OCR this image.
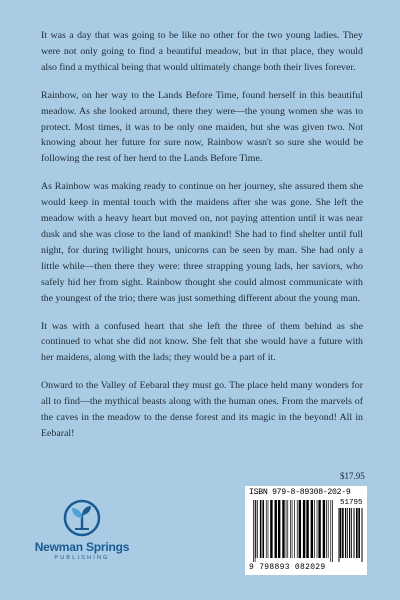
It was a day that was going to be like no other for the two young ladies. They were not only going to find a beautiful meadow, but in that place, they would also find a mythical being that would ultimately change both their lives forever.

Rainbow, on her way to the Lands Before Time, found herself in this beautiful meadow. As she looked around, there they were—the young women she was to protect. Most times, it was to be only one maiden, but she was given two. Not knowing about her future for sure now, Rainbow wasn't so sure she would be following the rest of her herd to the Lands Before Time.

As Rainbow was making ready to continue on her journey, she assured them she would keep in mental touch with the maidens after she was gone. She left the meadow with a heavy heart but moved on, not paying attention until it was near dusk and she was close to the land of mankind! She had to find shelter until full night, for during twilight hours, unicorns can be seen by man. She had only a little while—then there they were: three strapping young lads, her saviors, who safely hid her from sight. Rainbow thought she could almost communicate with the youngest of the trio; there was just something different about the young man.

It was with a confused heart that she left the three of them behind as she continued to what she did not know. She felt that she would have a future with her maidens, along with the lads; they would be a part of it.

Onward to the Valley of Eebaral they must go. The place held many wonders for all to find—the mythical beasts along with the human ones. From the marvels of the caves in the meadow to the dense forest and its magic in the beyond! All in Eebaral!

Newman Springs
PUBLISHING
$17.95
ISBN 979-8-89308-202-9
51795
9 798893 082029
